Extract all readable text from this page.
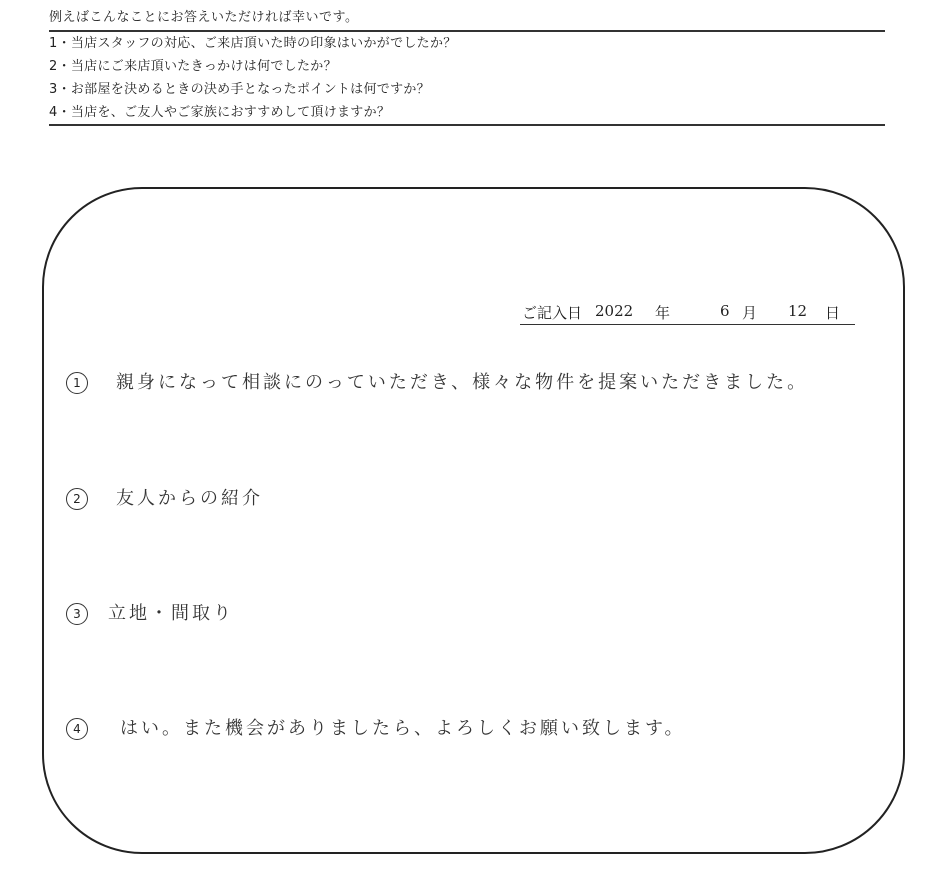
例えばこんなことにお答えいただければ幸いです。
1・当店スタッフの対応、ご来店頂いた時の印象はいかがでしたか？
2・当店にご来店頂いたきっかけは何でしたか？
3・お部屋を決めるときの決め手となったポイントは何ですか？
4・当店を、ご友人やご家族におすすめして頂けますか？
ご記入日 2022 年	6 月 12 日
1	親身になって相談にのっていただき、様々な物件を提案いただきました。
2	友人からの紹介
3	立地・間取り
4	はい。また機会がありましたら、よろしくお願い致します。
